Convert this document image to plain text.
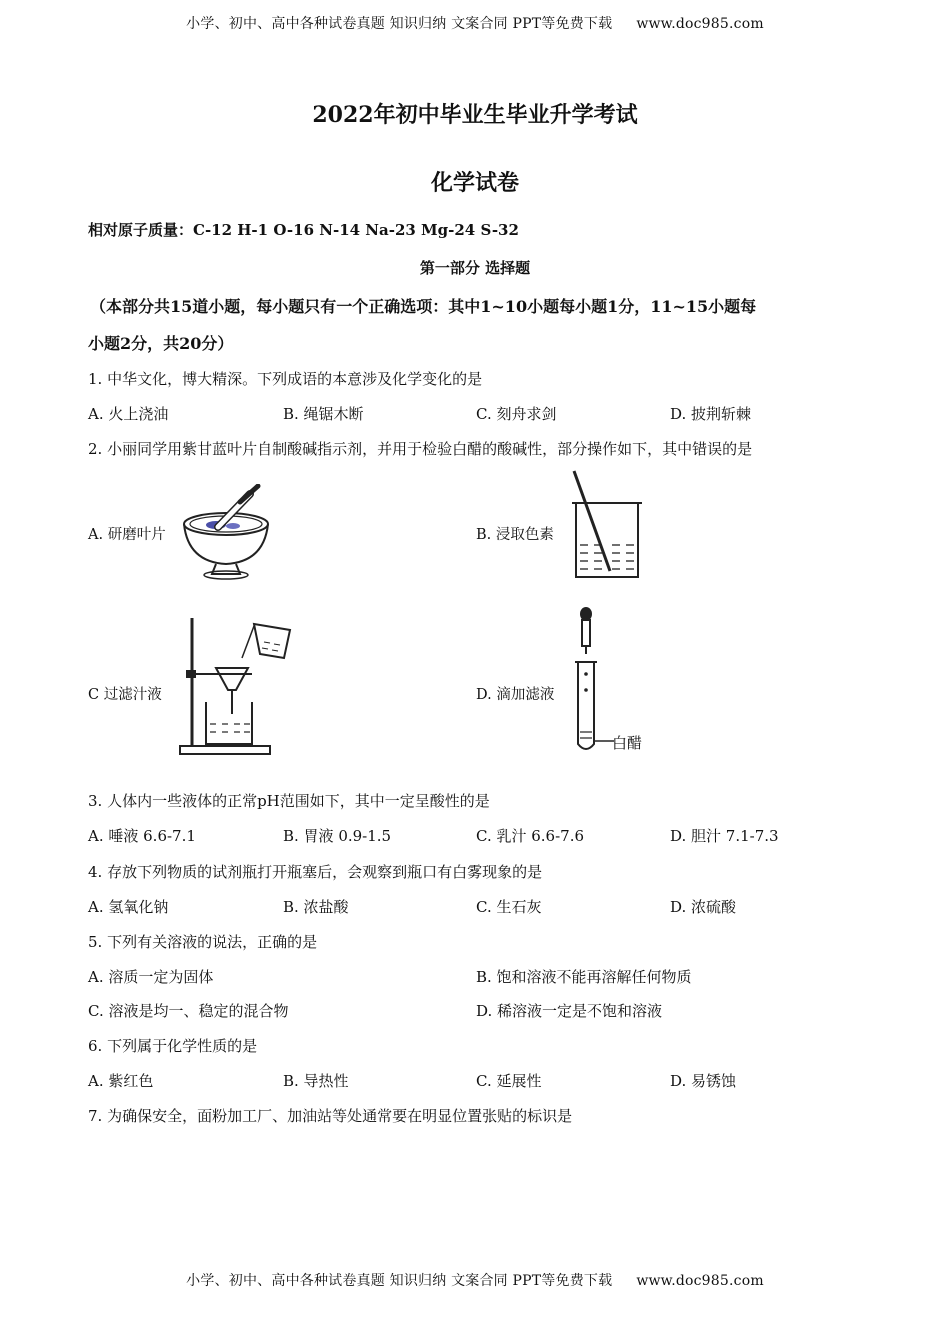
小学、初中、高中各种试卷真题 知识归纳 文案合同 PPT等免费下载 www.doc985.com
2022年初中毕业生毕业升学考试
化学试卷
相对原子质量：C-12 H-1 O-16 N-14 Na-23 Mg-24 S-32
第一部分 选择题
（本部分共15道小题，每小题只有一个正确选项：其中1~10小题每小题1分，11~15小题每
小题2分，共20分）
1. 中华文化，博大精深。下列成语的本意涉及化学变化的是
A. 火上浇油	B. 绳锯木断	C. 刻舟求剑	D. 披荆斩棘
2. 小丽同学用紫甘蓝叶片自制酸碱指示剂，并用于检验白醋的酸碱性，部分操作如下，其中错误的是
A. 研磨叶片	B. 浸取色素
C 过滤汁液	D. 滴加滤液
白醋
3. 人体内一些液体的正常pH范围如下，其中一定呈酸性的是
A. 唾液 6.6-7.1	B. 胃液 0.9-1.5	C. 乳汁 6.6-7.6	D. 胆汁 7.1-7.3
4. 存放下列物质的试剂瓶打开瓶塞后，会观察到瓶口有白雾现象的是
A. 氢氧化钠	B. 浓盐酸	C. 生石灰	D. 浓硫酸
5. 下列有关溶液的说法，正确的是
A. 溶质一定为固体	B. 饱和溶液不能再溶解任何物质
C. 溶液是均一、稳定的混合物	D. 稀溶液一定是不饱和溶液
6. 下列属于化学性质的是
A. 紫红色	B. 导热性	C. 延展性	D. 易锈蚀
7. 为确保安全，面粉加工厂、加油站等处通常要在明显位置张贴的标识是
小学、初中、高中各种试卷真题 知识归纳 文案合同 PPT等免费下载 www.doc985.com
